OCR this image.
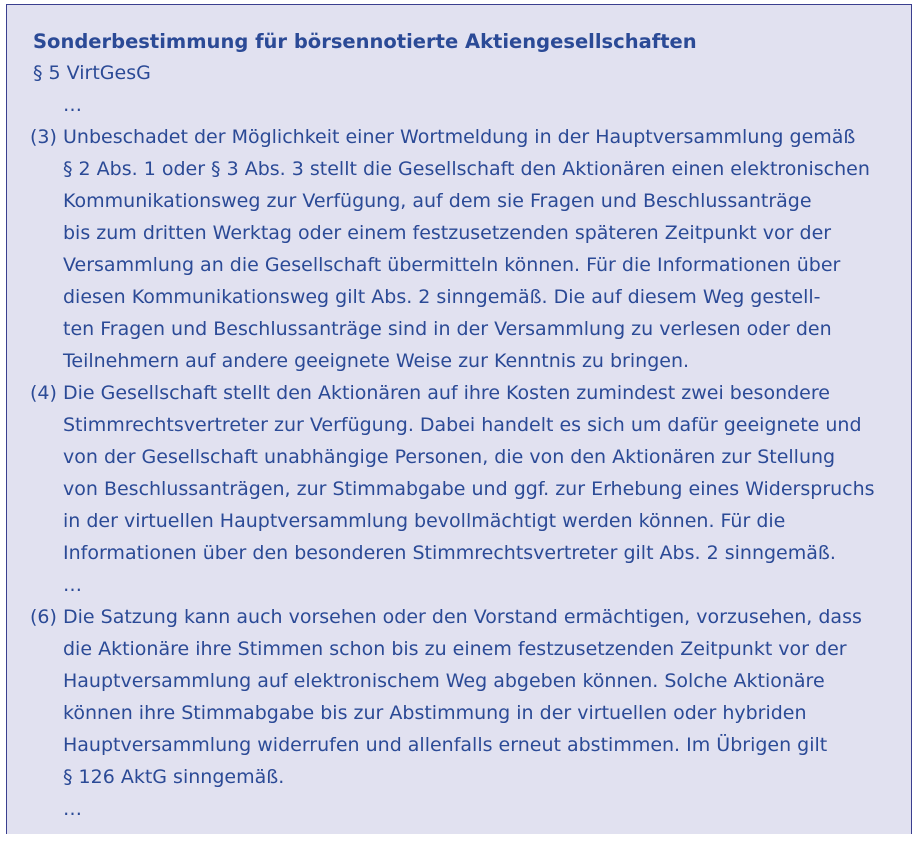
Sonderbestimmung für börsennotierte Aktiengesellschaften
§ 5 VirtGesG
…
(3) Unbeschadet der Möglichkeit einer Wortmeldung in der Hauptversammlung gemäß
§ 2 Abs. 1 oder § 3 Abs. 3 stellt die Gesellschaft den Aktionären einen elektronischen
Kommunikationsweg zur Verfügung, auf dem sie Fragen und Beschlussanträge
bis zum dritten Werktag oder einem festzusetzenden späteren Zeitpunkt vor der
Versammlung an die Gesellschaft übermitteln können. Für die Informationen über
diesen Kommunikationsweg gilt Abs. 2 sinngemäß. Die auf diesem Weg gestell-
ten Fragen und Beschlussanträge sind in der Versammlung zu verlesen oder den
Teilnehmern auf andere geeignete Weise zur Kenntnis zu bringen.
(4) Die Gesellschaft stellt den Aktionären auf ihre Kosten zumindest zwei besondere
Stimmrechtsvertreter zur Verfügung. Dabei handelt es sich um dafür geeignete und
von der Gesellschaft unabhängige Personen, die von den Aktionären zur Stellung
von Beschlussanträgen, zur Stimmabgabe und ggf. zur Erhebung eines Widerspruchs
in der virtuellen Hauptversammlung bevollmächtigt werden können. Für die
Informationen über den besonderen Stimmrechtsvertreter gilt Abs. 2 sinngemäß.
…
(6) Die Satzung kann auch vorsehen oder den Vorstand ermächtigen, vorzusehen, dass
die Aktionäre ihre Stimmen schon bis zu einem festzusetzenden Zeitpunkt vor der
Hauptversammlung auf elektronischem Weg abgeben können. Solche Aktionäre
können ihre Stimmabgabe bis zur Abstimmung in der virtuellen oder hybriden
Hauptversammlung widerrufen und allenfalls erneut abstimmen. Im Übrigen gilt
§ 126 AktG sinngemäß.
…
